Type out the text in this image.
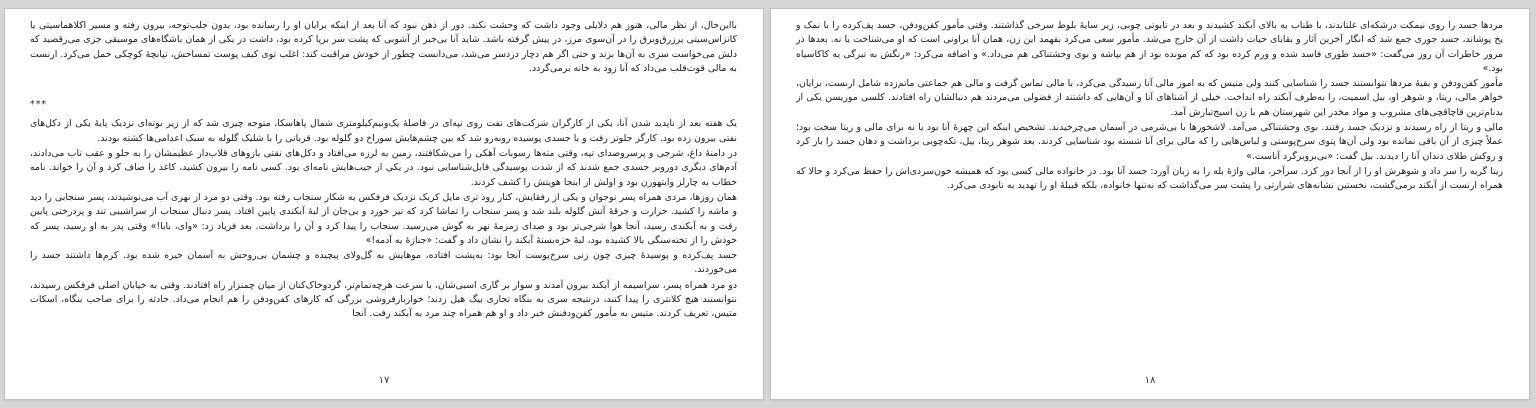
بااین‌حال، از نظر مالی، هنوز هم دلایلی وجود داشت که وحشت نکند. دور از ذهن نبود که آنا بعد از اینکه برایان او را رسانده بود، بدون جلب‌توجه، بیرون رفته و مسیر اکلاهماسیتی یا کانزاس‌سیتی پرزرق‌وبرق را در آن‌سوی مرز، در پیش گرفته باشد. شاید آنا بی‌خبر از آشوبی که پشت سر برپا کرده بود، داشت در یکی از همان باشگاه‌های موسیقی جزی می‌رقصید که دلش می‌خواست سری به آن‌ها بزند و حتی اگر هم دچار دردسر می‌شد، می‌دانست چطور از خودش مراقبت کند: اغلب توی کیف پوست تمساحش، تپانچهٔ کوچکی حمل می‌کرد. ارنست به مالی قوت‌قلب می‌داد که آنا زود به خانه برمی‌گردد.

***

یک هفته بعد از ناپدید شدن آنا، یکی از کارگران شرکت‌های نفت روی تپه‌ای در فاصلهٔ یک‌ونیم‌کیلومتری شمال پاهاسکا، متوجه چیزی شد که از زیر بوته‌ای نزدیک پایهٔ یکی از دکل‌های نفتی بیرون زده بود. کارگر جلوتر رفت و با جسدی پوسیده روبه‌رو شد که بین چشم‌هایش سوراخ دو گلوله بود. قربانی را با شلیک گلوله به سبک اعدامی‌ها کشته بودند.

در دامنهٔ داغ، شرجی و پرسروصدای تپه، وقتی مته‌ها رسوبات آهکی را می‌شکافتند، زمین به لرزه می‌افتاد و دکل‌های نفتی بازوهای قلاب‌دار عظیمشان را به جلو و عقب تاب می‌دادند، آدم‌های دیگری دوروبر جسدی جمع شدند که از شدت پوسیدگی قابل‌شناسایی نبود. در یکی از جیب‌هایش نامه‌ای بود. کسی نامه را بیرون کشید، کاغذ را صاف کرد و آن را خواند. نامه خطاب به چارلز وایتهورن بود و اولش از اینجا هویتش را کشف کردند.

همان روزها، مردی همراه پسر نوجوان و یکی از رفقایش، کنار رود تری مایل کریک نزدیک فرفکس به شکار سنجاب رفته بود. وقتی دو مرد از نهری آب می‌نوشیدند، پسر سنجابی را دید و ماشه را کشید. حرارت و جرقهٔ آتش گلوله بلند شد و پسر سنجاب را تماشا کرد که تیر خورد و بی‌جان از لبهٔ آبکندی پایین افتاد. پسر دنبال سنجاب از سراشیبی تند و پردرختی پایین رفت و به آبکندی رسید، آنجا هوا شرجی‌تر بود و صدای زمزمهٔ نهر به گوش می‌رسید. سنجاب را پیدا کرد و آن را برداشت. بعد فریاد زد: «وای، بابا!» وقتی پدر به او رسید، پسر که خودش را از تخته‌سنگی بالا کشیده بود، لبهٔ خزه‌بستهٔ آبکند را نشان داد و گفت: «جنازهٔ یه آدمه!»

جسد پف‌کرده و پوسیدهٔ چیزی چون زنی سرخ‌پوست آنجا بود: به‌پشت افتاده، موهایش به گل‌ولای پیچیده و چشمان بی‌روحش به آسمان خیره شده بود. کرم‌ها داشتند جسد را می‌خوردند.

دو مرد همراه پسر، سراسیمه از آبکند بیرون آمدند و سوار بر گاری اسبی‌شان، با سرعت هرچه‌تمام‌تر، گردوخاک‌کنان از میان چمنزار راه افتادند. وقتی به خیابان اصلی فرفکس رسیدند، نتوانستند هیچ کلانتری را پیدا کنند، درنتیجه سری به بنگاه تجاری بیگ هیل زدند؛ خواربارفروشی بزرگی که کارهای کفن‌ودفن را هم انجام می‌داد. حادثه را برای صاحب بنگاه، اسکات متیس، تعریف کردند. متیس به مأمور کفن‌ودفنش خبر داد و او هم همراه چند مرد به آبکند رفت. آنجا

۱۷

مردها جسد را روی نیمکت درشکه‌ای غلتاندند، با طناب به بالای آبکند کشیدند و بعد در تابوتی چوبی، زیر سایهٔ بلوط سرخی گذاشتند. وقتی مأمور کفن‌ودفن، جسد پف‌کرده را با نمک و یخ پوشاند، جسد جوری جمع شد که انگار آخرین آثار و بقایای حیات داشت از آن خارج می‌شد. مأمور سعی می‌کرد بفهمد این زن، همان آنا براونی است که او می‌شناخت یا نه. بعدها در مرور خاطرات آن روز می‌گفت: «جسد طوری فاسد شده و ورم کرده بود که کم مونده بود از هم بپاشه و بوی وحشتناکی هم می‌داد.» و اضافه می‌کرد: «رنگش به تیرگی یه کاکاسیاه بود.»

مأمور کفن‌ودفن و بقیهٔ مردها نتوانستند جسد را شناسایی کنند ولی متیس که به امور مالی آنا رسیدگی می‌کرد، با مالی تماس گرفت و مالی هم جماعتی ماتم‌زده شامل ارنست، برایان، خواهر مالی، ریتا، و شوهر او، بیل اسمیت، را به‌طرف آبکند راه انداخت. خیلی از آشناهای آنا و آن‌هایی که داشتند از فضولی می‌مردند هم دنبالشان راه افتادند. کلسی موریسن یکی از بدنام‌ترین قاچاقچی‌های مشروب و مواد مخدر این شهرستان هم با زن اسیج‌تبارش آمد.

مالی و ریتا از راه رسیدند و نزدیک جسد رفتند. بوی وحشتناکی می‌آمد. لاشخورها با بی‌شرمی در آسمان می‌چرخیدند. تشخیص اینکه این چهرهٔ آنا بود یا نه برای مالی و ریتا سخت بود؛ عملاً چیزی از آن باقی نمانده بود ولی آن‌ها پتوی سرخ‌پوستی و لباس‌هایی را که مالی برای آنا شسته بود شناسایی کردند. بعد شوهر ریتا، بیل، تکه‌چوبی برداشت و دهان جسد را باز کرد و روکش طلای دندان آنا را دیدند. بیل گفت: «بی‌بروبرگرد آناست.»

ریتا گریه را سر داد و شوهرش او را از آنجا دور کرد. سرآخر، مالی واژهٔ بله را به زبان آورد: جسد آنا بود. در خانواده مالی کسی بود که همیشه خون‌سردی‌اش را حفظ می‌کرد و حالا که همراه ارنست از آبکند برمی‌گشت، نخستین نشانه‌های شرارتی را پشت سر می‌گذاشت که نه‌تنها خانواده، بلکه قبیلهٔ او را تهدید به نابودی می‌کرد.

۱۸
